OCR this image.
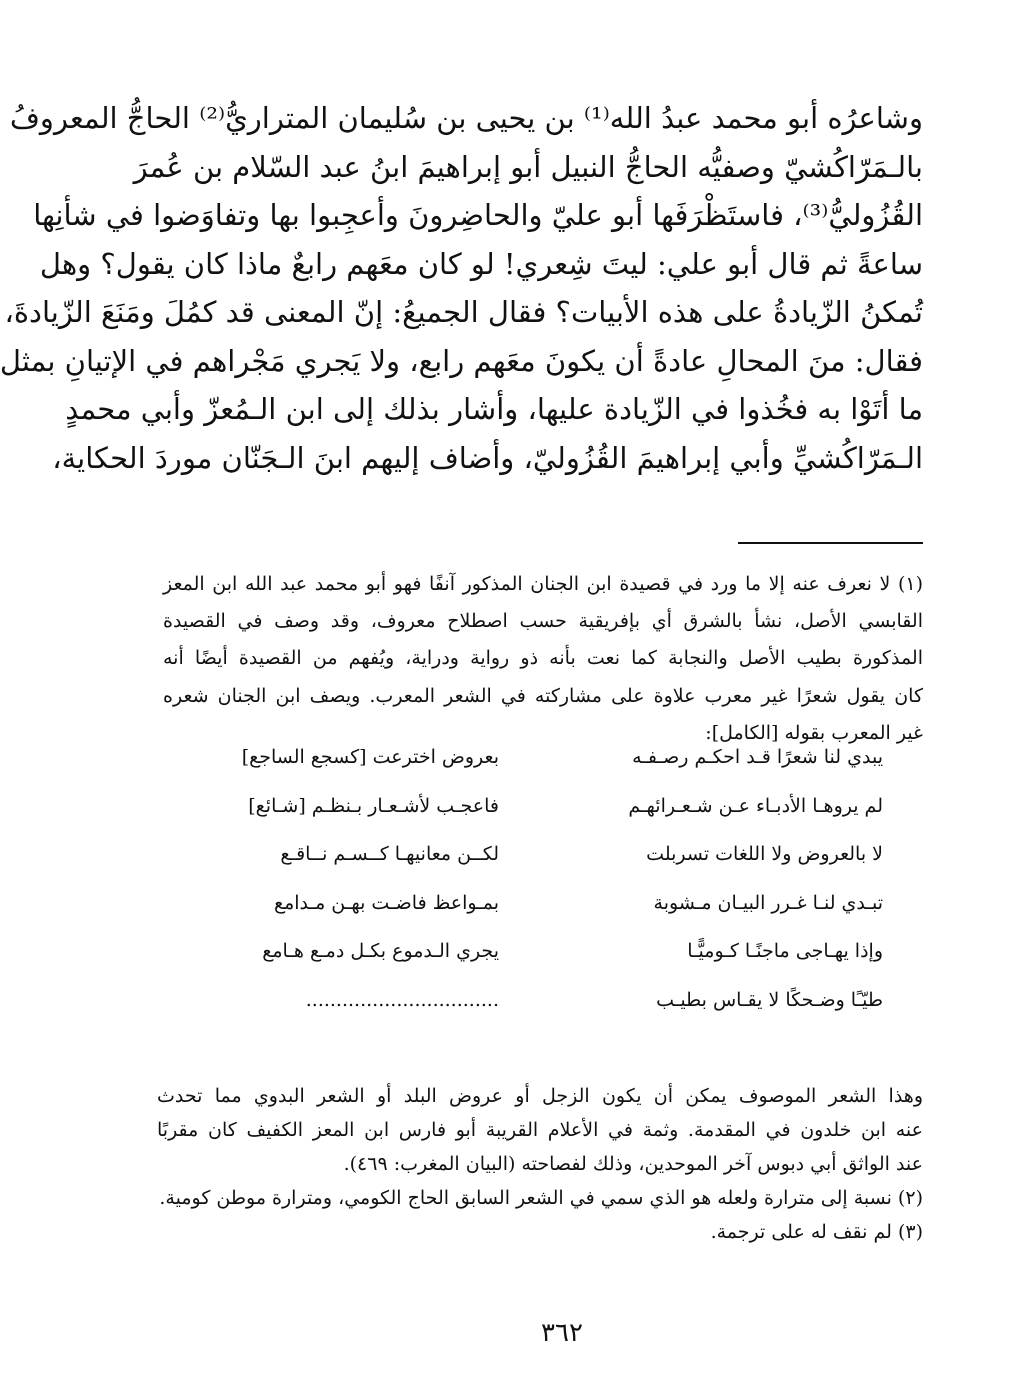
وشاعرُه أبو محمد عبدُ الله⁽¹⁾ بن يحيى بن سُليمان المتراريُّ⁽²⁾ الحاجُّ المعروفُ
بالـمَرّاكُشيّ وصفيُّه الحاجُّ النبيل أبو إبراهيمَ ابنُ عبد السّلام بن عُمرَ
القُزُوليُّ⁽³⁾، فاستَظْرَفَها أبو عليّ والحاضِرونَ وأعجِبوا بها وتفاوَضوا في شأنِها
ساعةً ثم قال أبو علي: ليتَ شِعري! لو كان معَهم رابعٌ ماذا كان يقول؟ وهل
تُمكنُ الزّيادةُ على هذه الأبيات؟ فقال الجميعُ: إنّ المعنى قد كمُلَ ومَنَعَ الزّيادةَ،
فقال: منَ المحالِ عادةً أن يكونَ معَهم رابع، ولا يَجري مَجْراهم في الإتيانِ بمثل
ما أتَوْا به فخُذوا في الزّيادة عليها، وأشار بذلك إلى ابن الـمُعزّ وأبي محمدٍ
الـمَرّاكُشيِّ وأبي إبراهيمَ القُزُوليّ، وأضاف إليهم ابنَ الـجَنّان موردَ الحكاية،
(١) لا نعرف عنه إلا ما ورد في قصيدة ابن الجنان المذكور آنفًا فهو أبو محمد عبد الله ابن المعز
القابسي الأصل، نشأ بالشرق أي بإفريقية حسب اصطلاح معروف، وقد وصف في القصيدة
المذكورة بطيب الأصل والنجابة كما نعت بأنه ذو رواية ودراية، ويُفهم من القصيدة أيضًا أنه
كان يقول شعرًا غير معرب علاوة على مشاركته في الشعر المعرب. ويصف ابن الجنان شعره
غير المعرب بقوله [الكامل]:
يبدي لنا شعرًا قـد احكـم رصـفـه
بعروض اخترعت [كسجع الساجع]
لم يروهـا الأدبـاء عـن شـعـرائهـم
فاعجـب لأشـعـار بـنظـم [شـائع]
لا بالعروض ولا اللغات تسربلت
لكــن معانيهـا كــسـم نــاقـع
تبـدي لنـا غـرر البيـان مـشوبة
بمـواعظ فاضـت بهـن مـدامع
وإذا يهـاجى ماجنًـا كـوميًّـا
يجري الـدموع بكـل دمـع هـامع
طيّـًا وضـحكًا لا يقـاس بطيـب
................................
وهذا الشعر الموصوف يمكن أن يكون الزجل أو عروض البلد أو الشعر البدوي مما تحدث
عنه ابن خلدون في المقدمة. وثمة في الأعلام القريبة أبو فارس ابن المعز الكفيف كان مقربًا
عند الواثق أبي دبوس آخر الموحدين، وذلك لفصاحته (البيان المغرب: ٤٦٩).
(٢) نسبة إلى مترارة ولعله هو الذي سمي في الشعر السابق الحاج الكومي، ومترارة موطن كومية.
(٣) لم نقف له على ترجمة.
٣٦٢
